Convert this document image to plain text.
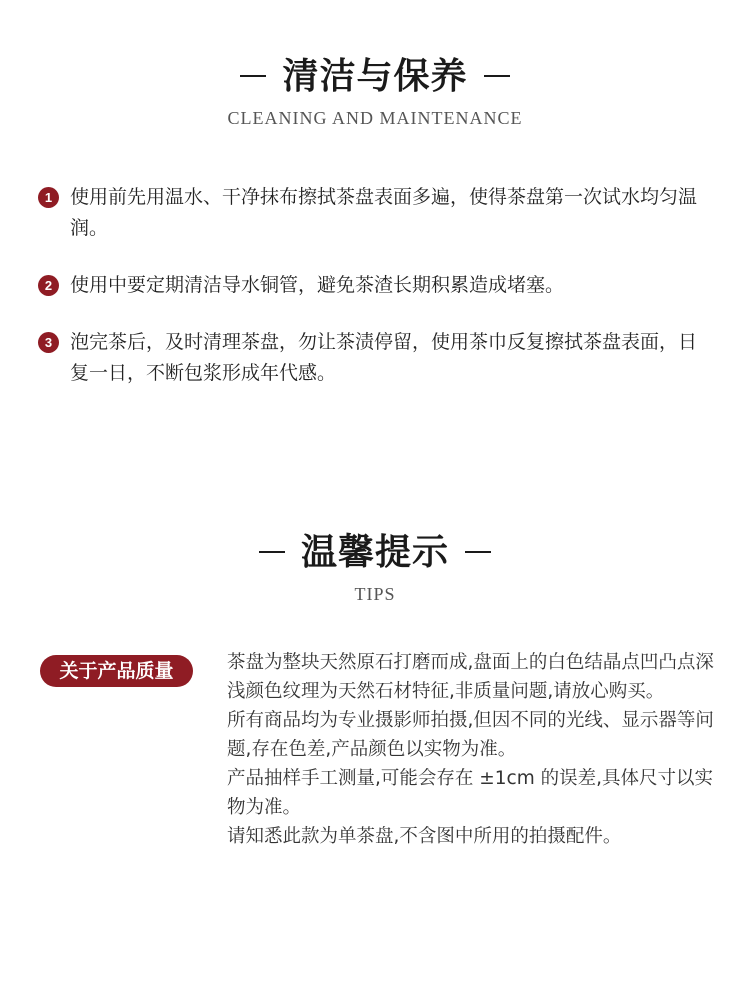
清洁与保养
CLEANING AND MAINTENANCE
1 使用前先用温水、干净抹布擦拭茶盘表面多遍，使得茶盘第一次试水均匀温润。
2 使用中要定期清洁导水铜管，避免茶渣长期积累造成堵塞。
3 泡完茶后，及时清理茶盘，勿让茶渍停留，使用茶巾反复擦拭茶盘表面，日复一日，不断包浆形成年代感。
温馨提示
TIPS
关于产品质量	茶盘为整块天然原石打磨而成,盘面上的白色结晶点凹凸点深浅颜色纹理为天然石材特征,非质量问题,请放心购买。

所有商品均为专业摄影师拍摄,但因不同的光线、显示器等问题,存在色差,产品颜色以实物为准。

产品抽样手工测量,可能会存在 ±1cm 的误差,具体尺寸以实物为准。

请知悉此款为单茶盘,不含图中所用的拍摄配件。
